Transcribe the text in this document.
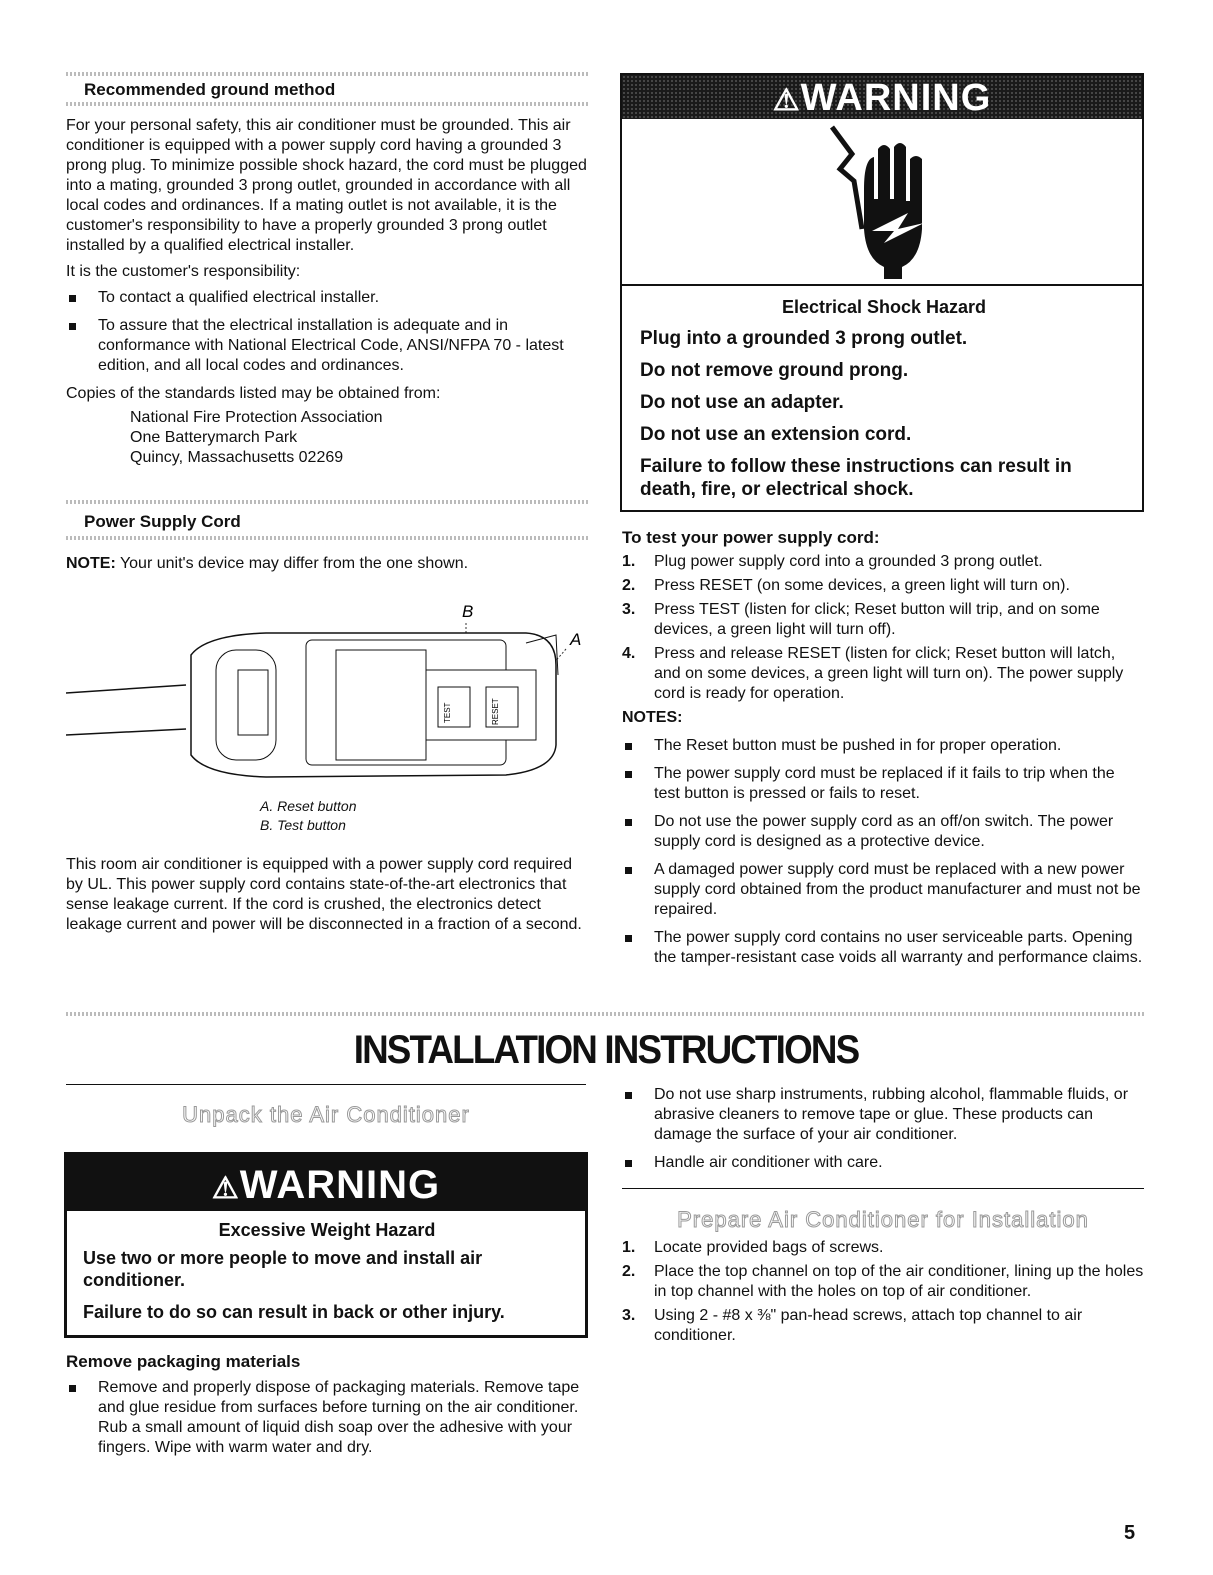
Recommended ground method

For your personal safety, this air conditioner must be grounded. This air conditioner is equipped with a power supply cord having a grounded 3 prong plug. To minimize possible shock hazard, the cord must be plugged into a mating, grounded 3 prong outlet, grounded in accordance with all local codes and ordinances. If a mating outlet is not available, it is the customer's responsibility to have a properly grounded 3 prong outlet installed by a qualified electrical installer.

It is the customer's responsibility:

To contact a qualified electrical installer.
To assure that the electrical installation is adequate and in conformance with National Electrical Code, ANSI/NFPA 70 - latest edition, and all local codes and ordinances.

Copies of the standards listed may be obtained from:

National Fire Protection Association
One Batterymarch Park
Quincy, Massachusetts 02269
Power Supply Cord

NOTE: Your unit's device may differ from the one shown.

B
A
TEST	RESET
A. Reset button
B. Test button

This room air conditioner is equipped with a power supply cord required by UL. This power supply cord contains state-of-the-art electronics that sense leakage current. If the cord is crushed, the electronics detect leakage current and power will be disconnected in a fraction of a second.

⚠WARNING
Electrical Shock Hazard
Plug into a grounded 3 prong outlet.
Do not remove ground prong.
Do not use an adapter.
Do not use an extension cord.
Failure to follow these instructions can result in death, fire, or electrical shock.
To test your power supply cord:
1. Plug power supply cord into a grounded 3 prong outlet.
2. Press RESET (on some devices, a green light will turn on).
3. Press TEST (listen for click; Reset button will trip, and on some devices, a green light will turn off).
4. Press and release RESET (listen for click; Reset button will latch, and on some devices, a green light will turn on). The power supply cord is ready for operation.
NOTES:
The Reset button must be pushed in for proper operation.
The power supply cord must be replaced if it fails to trip when the test button is pressed or fails to reset.
Do not use the power supply cord as an off/on switch. The power supply cord is designed as a protective device.
A damaged power supply cord must be replaced with a new power supply cord obtained from the product manufacturer and must not be repaired.
The power supply cord contains no user serviceable parts. Opening the tamper-resistant case voids all warranty and performance claims.
INSTALLATION INSTRUCTIONS
Unpack the Air Conditioner
⚠WARNING
Excessive Weight Hazard
Use two or more people to move and install air conditioner.
Failure to do so can result in back or other injury.
Remove packaging materials
Remove and properly dispose of packaging materials. Remove tape and glue residue from surfaces before turning on the air conditioner. Rub a small amount of liquid dish soap over the adhesive with your fingers. Wipe with warm water and dry.
Do not use sharp instruments, rubbing alcohol, flammable fluids, or abrasive cleaners to remove tape or glue. These products can damage the surface of your air conditioner.
Handle air conditioner with care.
Prepare Air Conditioner for Installation
1. Locate provided bags of screws.
2. Place the top channel on top of the air conditioner, lining up the holes in top channel with the holes on top of air conditioner.
3. Using 2 - #8 x ⅜" pan-head screws, attach top channel to air conditioner.
5
